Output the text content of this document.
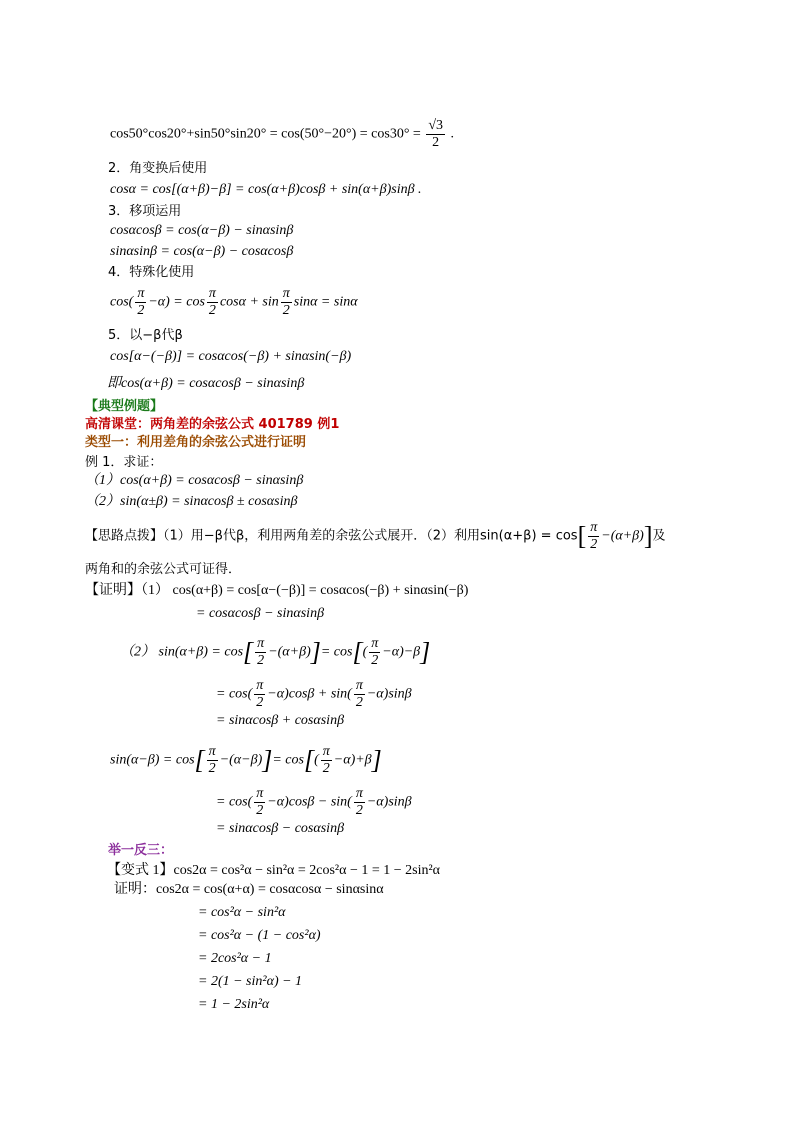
$\cos 50^\circ\cos 20^\circ+\sin 50^\circ\sin 20^\circ = \cos(50^\circ-20^\circ) = \cos 30^\circ = \frac{√3}{2}$ .
2．角变换后使用
cosα = cos[(α+β)−β] = cos(α+β)cosβ + sin(α+β)sinβ .
3．移项运用
cosαcosβ = cos(α−β) − sinαsinβ
sinαsinβ = cos(α−β) − cosαcosβ
4．特殊化使用
$\cos( \frac{\pi}{2} -\alpha) = \cos \frac{\pi}{2}$ $\cos\alpha + \sin \frac{\pi}{2}$ sinα = sinα
5．以−β代β
cos[α−(−β)] = cosαcos(−β) + sinαsin(−β)
即cos(α+β) = cosαcosβ − sinαsinβ
【典型例题】
高清课堂：两角差的余弦公式 401789 例1
类型一：利用差角的余弦公式进行证明
例 1．求证：
（1）cos(α+β) = cosαcosβ − sinαsinβ
（2）sin(α±β) = sinαcosβ ± cosαsinβ
【思路点拨】（1）用−β代β，利用两角差的余弦公式展开．（2）利用$\sin(\alpha+\beta) = \cos[ \frac{\pi}{2} -(\alpha+\beta)]$及
两角和的余弦公式可证得．
【证明】（1） cos(α+β) = cos[α−(−β)] = cosαcos(−β) + sinαsin(−β)
= cosαcosβ − sinαsinβ
（2） $\sin(\alpha+\beta) = \cos[ \frac{\pi}{2} -(\alpha+\beta)]= \cos[( \frac{\pi}{2} -\alpha)-\beta]$
= $\cos( \frac{\pi}{2} -\alpha)\cos\beta + \sin( \frac{\pi}{2} -\alpha)\sin\beta$
= sinαcosβ + cosαsinβ
$\sin(\alpha-\beta) = \cos[ \frac{\pi}{2} -(\alpha-\beta)]= \cos[( \frac{\pi}{2} -\alpha)+\beta]$
= $\cos( \frac{\pi}{2} -\alpha)\cos\beta - \sin( \frac{\pi}{2} -\alpha)\sin\beta$
= sinαcosβ − cosαsinβ
举一反三：
【变式 1】cos2α = cos²α − sin²α = 2cos²α − 1 = 1 − 2sin²α
证明：cos2α = cos(α+α) = cosαcosα − sinαsinα
= cos²α − sin²α
= cos²α − (1 − cos²α)
= 2cos²α − 1
= 2(1 − sin²α) − 1
= 1 − 2sin²α
